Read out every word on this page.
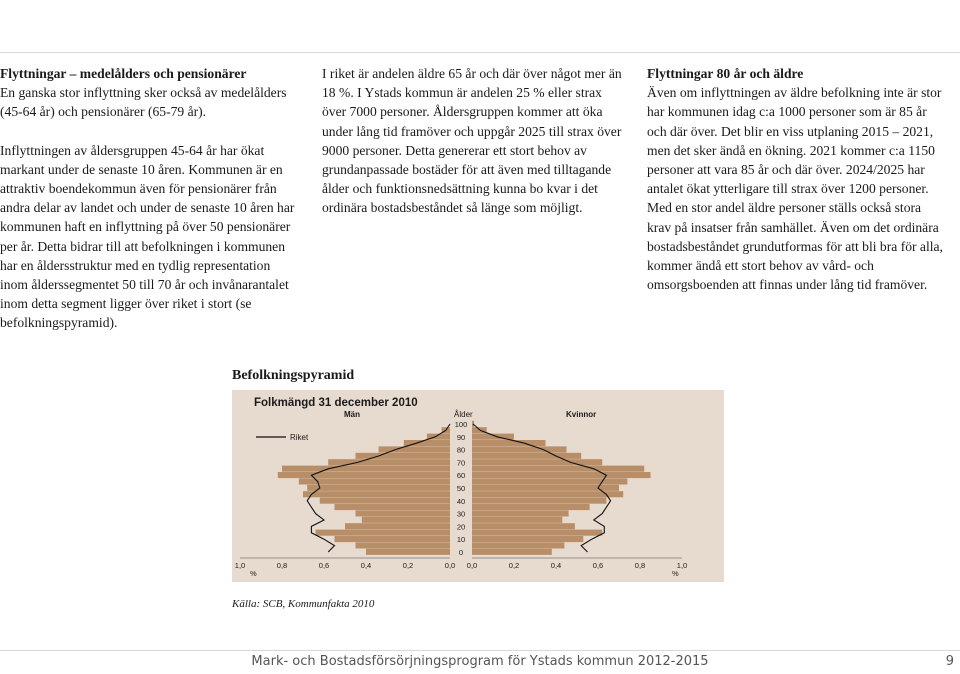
Flyttningar – medelålders och pensionärer
En ganska stor inflyttning sker också av medelålders (45-64 år) och pensionärer (65-79 år).

Inflyttningen av åldersgruppen 45-64 år har ökat markant under de senaste 10 åren. Kommunen är en attraktiv boendekommun även för pensionärer från andra delar av landet och under de senaste 10 åren har kommunen haft en inflyttning på över 50 pensionärer per år. Detta bidrar till att befolkningen i kommunen har en åldersstruktur med en tydlig representation inom ålderssegmentet 50 till 70 år och invånarantalet inom detta segment ligger över riket i stort (se befolkningspyramid).

I riket är andelen äldre 65 år och där över något mer än 18 %. I Ystads kommun är andelen 25 % eller strax över 7000 personer. Åldersgruppen kommer att öka under lång tid framöver och uppgår 2025 till strax över 9000 personer. Detta genererar ett stort behov av grundanpassade bostäder för att även med tilltagande ålder och funktionsnedsättning kunna bo kvar i det ordinära bostadsbeståndet så länge som möjligt.

Flyttningar 80 år och äldre
Även om inflyttningen av äldre befolkning inte är stor har kommunen idag c:a 1000 personer som är 85 år och där över. Det blir en viss utplaning 2015 – 2021, men det sker ändå en ökning. 2021 kommer c:a 1150 personer att vara 85 år och där över. 2024/2025 har antalet ökat ytterligare till strax över 1200 personer. Med en stor andel äldre personer ställs också stora krav på insatser från samhället. Även om det ordinära bostadsbeståndet grundutformas för att bli bra för alla, kommer ändå ett stort behov av vård- och omsorgsboenden att finnas under lång tid framöver.

Befolkningspyramid
Folkmängd 31 december 2010
Män	Ålder	Kvinnor
Riket
0
10
20
30
40
50
60
70
80
90
100
1,0	0,8	0,6	0,4	0,2	0,0 0,0	0,2	0,4	0,6	0,8	1,0
%	%
Källa: SCB, Kommunfakta 2010
Mark- och Bostadsförsörjningsprogram för Ystads kommun 2012-2015	9
